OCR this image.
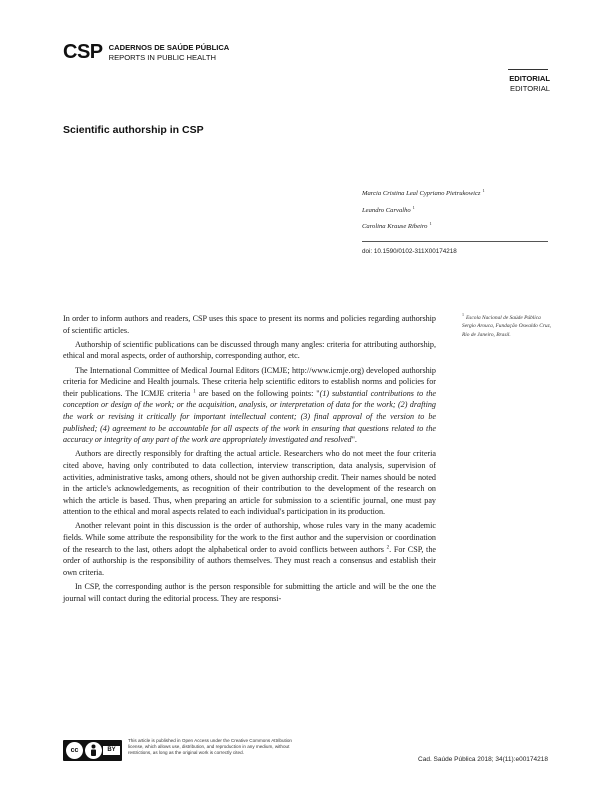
CSP CADERNOS DE SAÚDE PÚBLICA
REPORTS IN PUBLIC HEALTH
EDITORIAL
EDITORIAL
Scientific authorship in CSP
Marcia Cristina Leal Cypriano Pietrukowicz $^1$
Leandro Carvalho $^1$
Carolina Krause Ribeiro $^1$
doi: 10.1590/0102-311X00174218
$^1$Escola Nacional de Saúde Pública Sergio Arouca, Fundação Oswaldo Cruz, Rio de Janeiro, Brasil.

In order to inform authors and readers, CSP uses this space to present its norms and policies regarding authorship of scientific articles.

Authorship of scientific publications can be discussed through many angles: criteria for attributing authorship, ethical and moral aspects, order of authorship, corresponding author, etc.

The International Committee of Medical Journal Editors (ICMJE; http://www.icmje.org) developed authorship criteria for Medicine and Health journals. These criteria help scientific editors to establish norms and policies for their publications. The ICMJE criteria $^1$ are based on the following points: "(1) substantial contributions to the conception or design of the work; or the acquisition, analysis, or interpretation of data for the work; (2) drafting the work or revising it critically for important intellectual content; (3) final approval of the version to be published; (4) agreement to be accountable for all aspects of the work in ensuring that questions related to the accuracy or integrity of any part of the work are appropriately investigated and resolved".

Authors are directly responsibly for drafting the actual article. Researchers who do not meet the four criteria cited above, having only contributed to data collection, interview transcription, data analysis, supervision of activities, administrative tasks, among others, should not be given authorship credit. Their names should be noted in the article's acknowledgements, as recognition of their contribution to the development of the research on which the article is based. Thus, when preparing an article for submission to a scientific journal, one must pay attention to the ethical and moral aspects related to each individual's participation in its production.

Another relevant point in this discussion is the order of authorship, whose rules vary in the many academic fields. While some attribute the responsibility for the work to the first author and the supervision or coordination of the research to the last, others adopt the alphabetical order to avoid conflicts between authors $^2$. For CSP, the order of authorship is the responsibility of authors themselves. They must reach a consensus and establish their own criteria.

In CSP, the corresponding author is the person responsible for submitting the article and will be the one the journal will contact during the editorial process. They are responsi-

cc	BY
This article is published in Open Access under the Creative Commons Attribution license, which allows use, distribution, and reproduction in any medium, without restrictions, as long as the original work is correctly cited.
Cad. Saúde Pública 2018; 34(11):e00174218
